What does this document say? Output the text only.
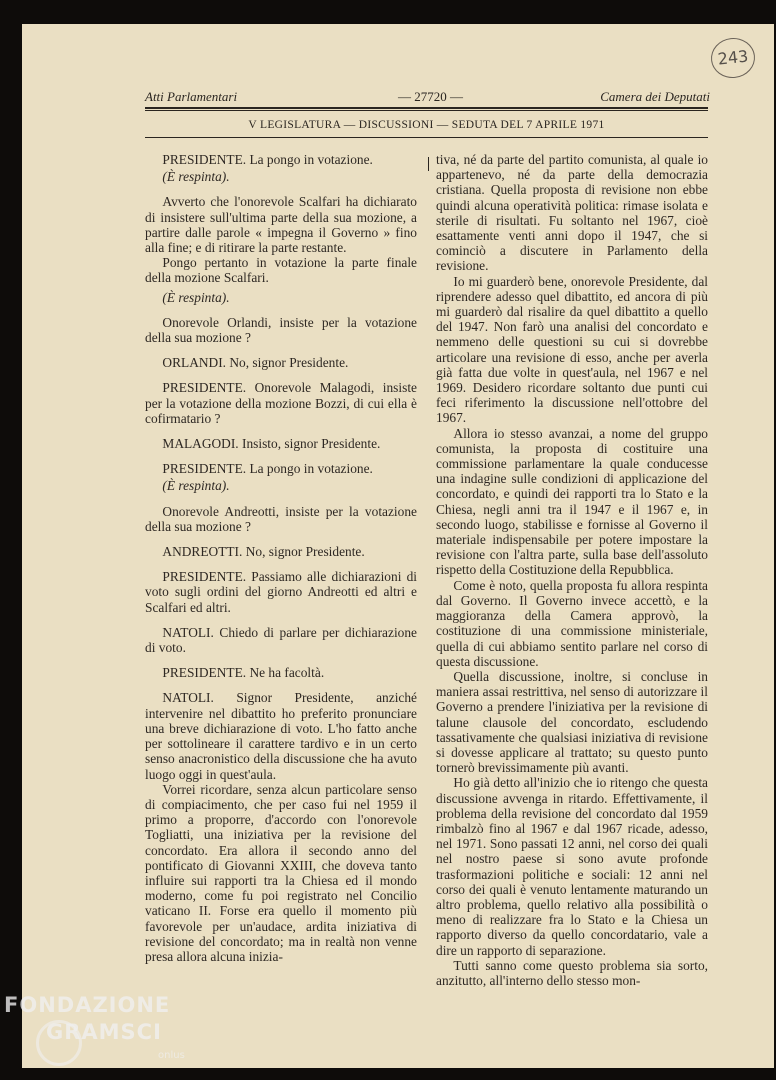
243
Atti Parlamentari	— 27720 —	Camera dei Deputati
V LEGISLATURA — DISCUSSIONI — SEDUTA DEL 7 APRILE 1971

PRESIDENTE. La pongo in votazione.

(È respinta).

Avverto che l'onorevole Scalfari ha dichiarato di insistere sull'ultima parte della sua mozione, a partire dalle parole « impegna il Governo » fino alla fine; e di ritirare la parte restante.

Pongo pertanto in votazione la parte finale della mozione Scalfari.

(È respinta).

Onorevole Orlandi, insiste per la votazione della sua mozione ?

ORLANDI. No, signor Presidente.

PRESIDENTE. Onorevole Malagodi, insiste per la votazione della mozione Bozzi, di cui ella è cofirmatario ?

MALAGODI. Insisto, signor Presidente.

PRESIDENTE. La pongo in votazione.

(È respinta).

Onorevole Andreotti, insiste per la votazione della sua mozione ?

ANDREOTTI. No, signor Presidente.

PRESIDENTE. Passiamo alle dichiarazioni di voto sugli ordini del giorno Andreotti ed altri e Scalfari ed altri.

NATOLI. Chiedo di parlare per dichiarazione di voto.

PRESIDENTE. Ne ha facoltà.

NATOLI. Signor Presidente, anziché intervenire nel dibattito ho preferito pronunciare una breve dichiarazione di voto. L'ho fatto anche per sottolineare il carattere tardivo e in un certo senso anacronistico della discussione che ha avuto luogo oggi in quest'aula.

Vorrei ricordare, senza alcun particolare senso di compiacimento, che per caso fui nel 1959 il primo a proporre, d'accordo con l'onorevole Togliatti, una iniziativa per la revisione del concordato. Era allora il secondo anno del pontificato di Giovanni XXIII, che doveva tanto influire sui rapporti tra la Chiesa ed il mondo moderno, come fu poi registrato nel Concilio vaticano II. Forse era quello il momento più favorevole per un'audace, ardita iniziativa di revisione del concordato; ma in realtà non venne presa allora alcuna inizia-

tiva, né da parte del partito comunista, al quale io appartenevo, né da parte della democrazia cristiana. Quella proposta di revisione non ebbe quindi alcuna operatività politica: rimase isolata e sterile di risultati. Fu soltanto nel 1967, cioè esattamente venti anni dopo il 1947, che si cominciò a discutere in Parlamento della revisione.

Io mi guarderò bene, onorevole Presidente, dal riprendere adesso quel dibattito, ed ancora di più mi guarderò dal risalire da quel dibattito a quello del 1947. Non farò una analisi del concordato e nemmeno delle questioni su cui si dovrebbe articolare una revisione di esso, anche per averla già fatta due volte in quest'aula, nel 1967 e nel 1969. Desidero ricordare soltanto due punti cui feci riferimento la discussione nell'ottobre del 1967.

Allora io stesso avanzai, a nome del gruppo comunista, la proposta di costituire una commissione parlamentare la quale conducesse una indagine sulle condizioni di applicazione del concordato, e quindi dei rapporti tra lo Stato e la Chiesa, negli anni tra il 1947 e il 1967 e, in secondo luogo, stabilisse e fornisse al Governo il materiale indispensabile per potere impostare la revisione con l'altra parte, sulla base dell'assoluto rispetto della Costituzione della Repubblica.

Come è noto, quella proposta fu allora respinta dal Governo. Il Governo invece accettò, e la maggioranza della Camera approvò, la costituzione di una commissione ministeriale, quella di cui abbiamo sentito parlare nel corso di questa discussione.

Quella discussione, inoltre, si concluse in maniera assai restrittiva, nel senso di autorizzare il Governo a prendere l'iniziativa per la revisione di talune clausole del concordato, escludendo tassativamente che qualsiasi iniziativa di revisione si dovesse applicare al trattato; su questo punto tornerò brevissimamente più avanti.

Ho già detto all'inizio che io ritengo che questa discussione avvenga in ritardo. Effettivamente, il problema della revisione del concordato dal 1959 rimbalzò fino al 1967 e dal 1967 ricade, adesso, nel 1971. Sono passati 12 anni, nel corso dei quali nel nostro paese si sono avute profonde trasformazioni politiche e sociali: 12 anni nel corso dei quali è venuto lentamente maturando un altro problema, quello relativo alla possibilità o meno di realizzare fra lo Stato e la Chiesa un rapporto diverso da quello concordatario, vale a dire un rapporto di separazione.

Tutti sanno come questo problema sia sorto, anzitutto, all'interno dello stesso mon-

FONDAZIONE
GRAMSCI
onlus
